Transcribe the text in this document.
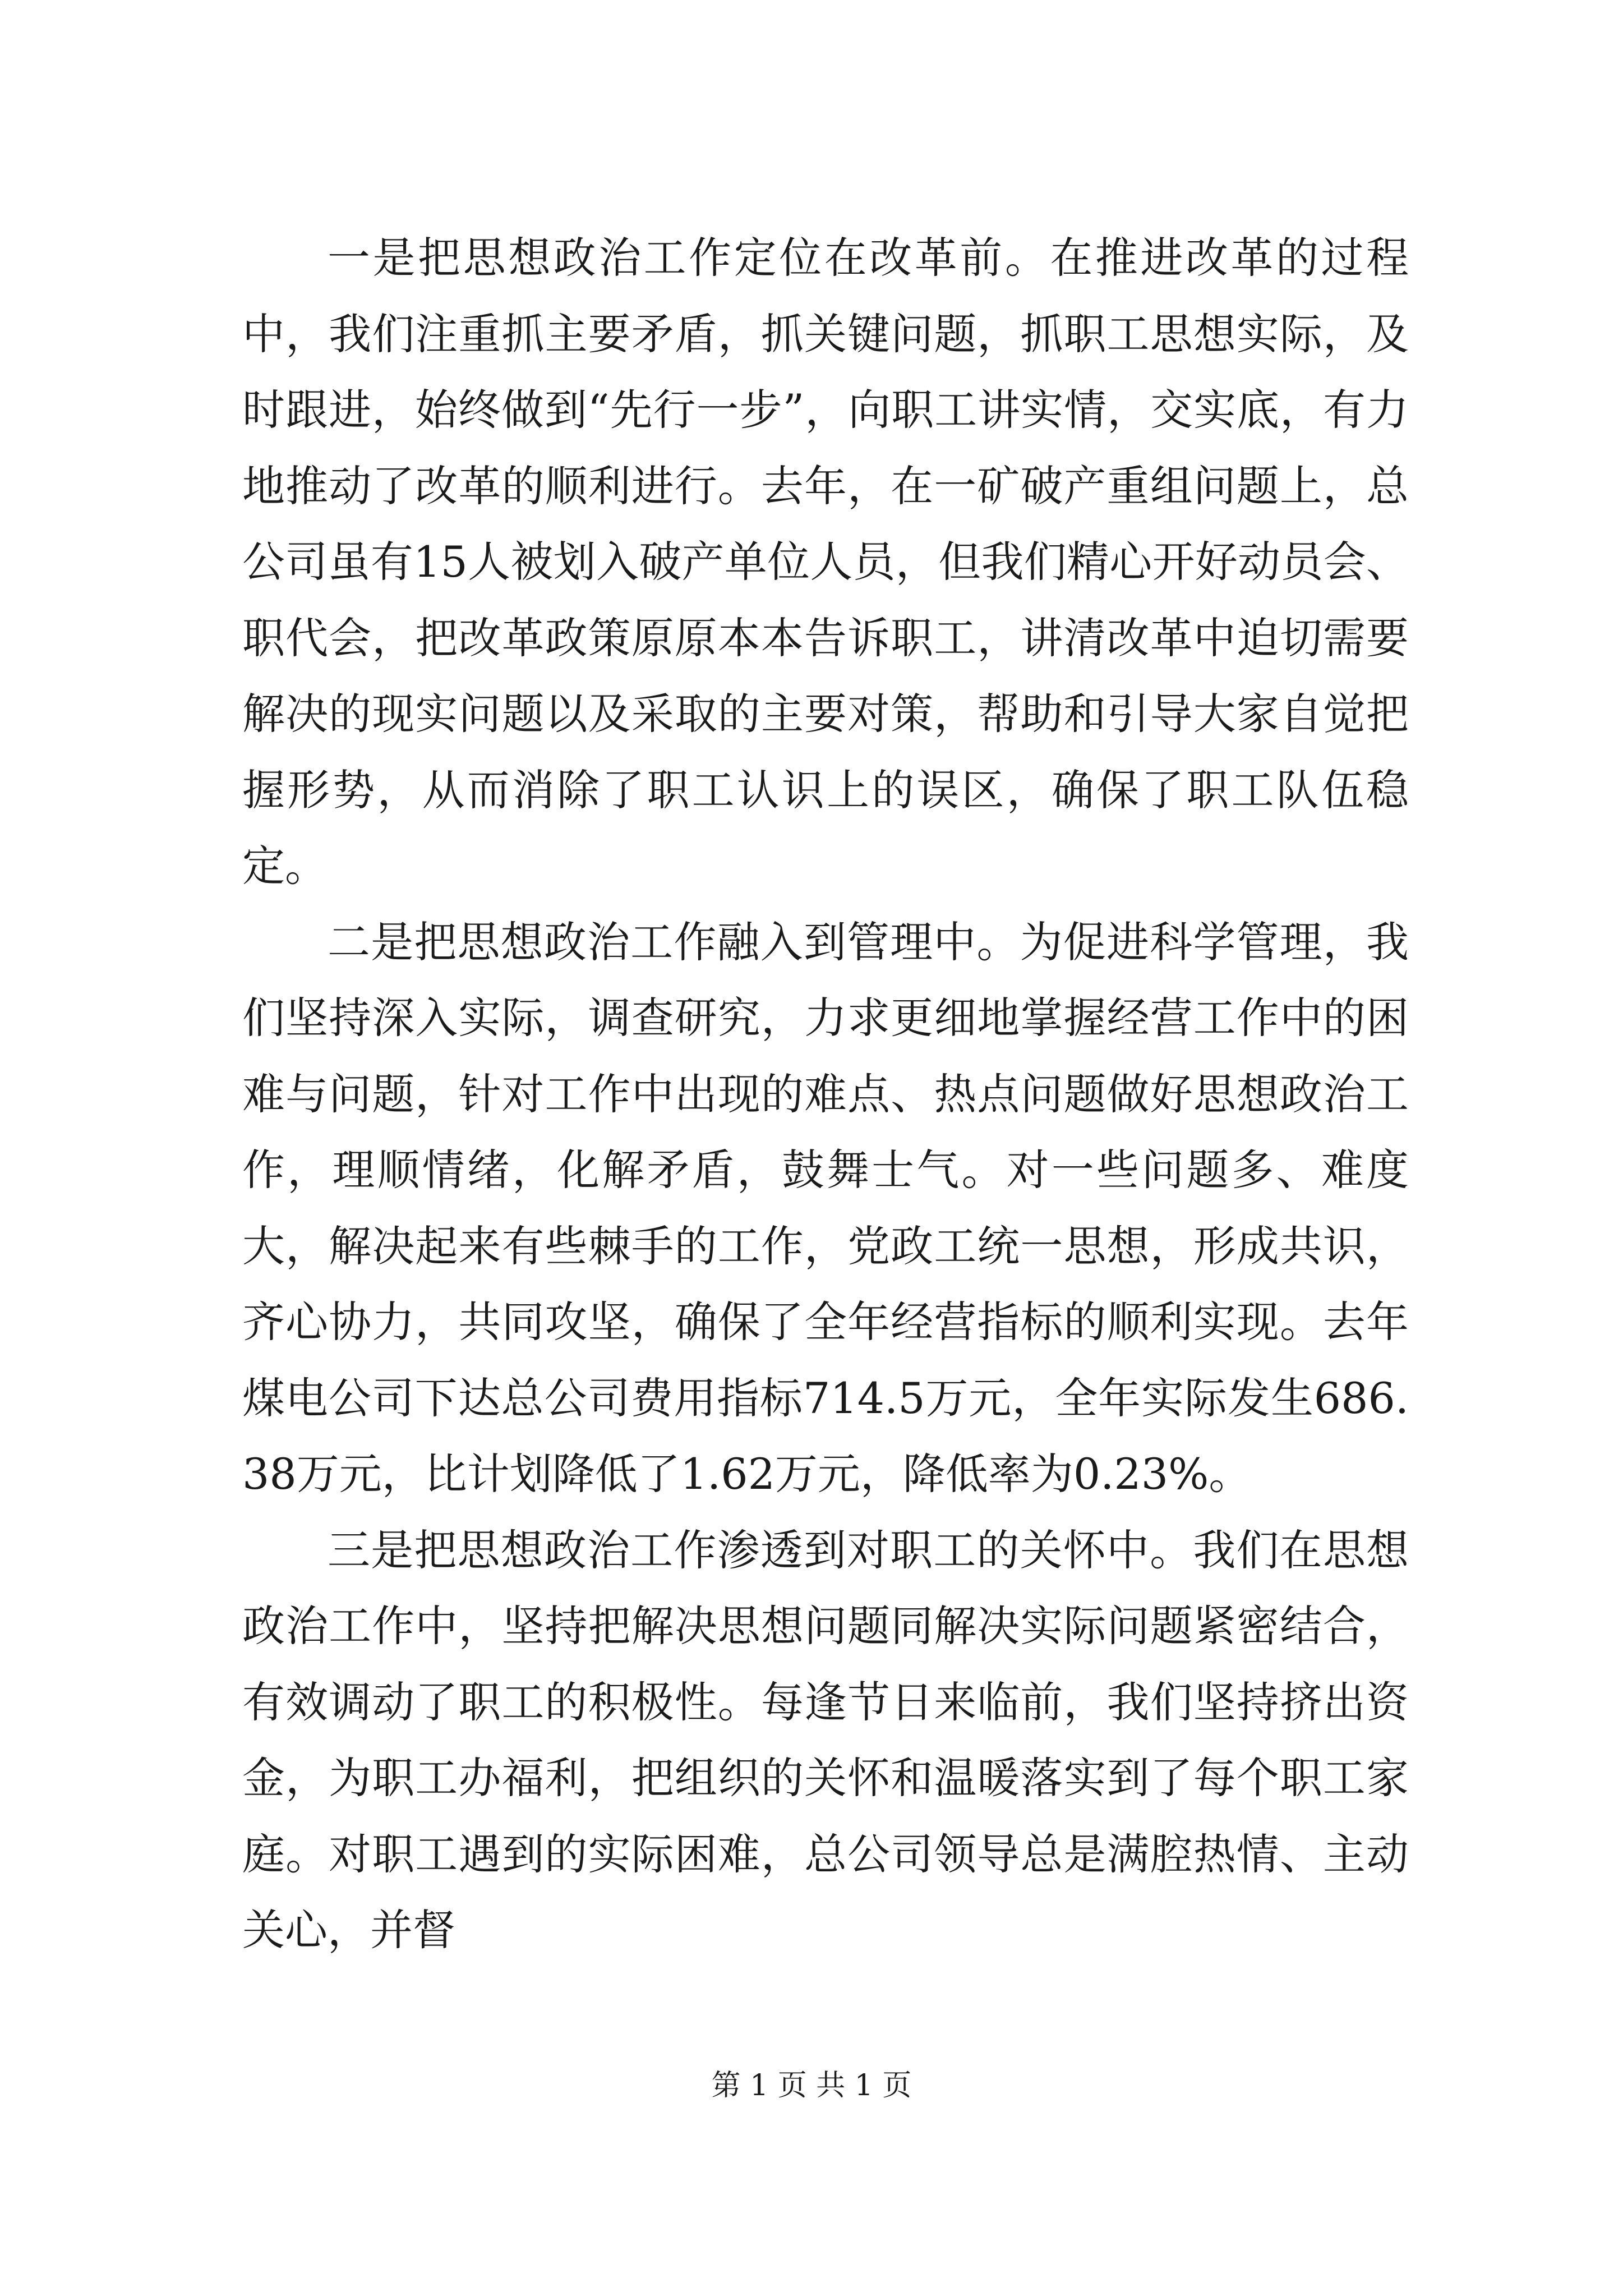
一是把思想政治工作定位在改革前。在推进改革的过程中，我们注重抓主要矛盾，抓关键问题，抓职工思想实际，及时跟进，始终做到“先行一步”，向职工讲实情，交实底，有力地推动了改革的顺利进行。去年，在一矿破产重组问题上，总公司虽有15人被划入破产单位人员，但我们精心开好动员会、职代会，把改革政策原原本本告诉职工，讲清改革中迫切需要解决的现实问题以及采取的主要对策，帮助和引导大家自觉把握形势，从而消除了职工认识上的误区，确保了职工队伍稳定。

二是把思想政治工作融入到管理中。为促进科学管理，我们坚持深入实际，调查研究，力求更细地掌握经营工作中的困难与问题，针对工作中出现的难点、热点问题做好思想政治工作，理顺情绪，化解矛盾，鼓舞士气。对一些问题多、难度大，解决起来有些棘手的工作，党政工统一思想，形成共识，齐心协力，共同攻坚，确保了全年经营指标的顺利实现。去年煤电公司下达总公司费用指标714.5万元，全年实际发生686.38万元，比计划降低了1.62万元，降低率为0.23%。

三是把思想政治工作渗透到对职工的关怀中。我们在思想政治工作中，坚持把解决思想问题同解决实际问题紧密结合，有效调动了职工的积极性。每逢节日来临前，我们坚持挤出资金，为职工办福利，把组织的关怀和温暖落实到了每个职工家庭。对职工遇到的实际困难，总公司领导总是满腔热情、主动关心，并督

第 1 页 共 1 页
